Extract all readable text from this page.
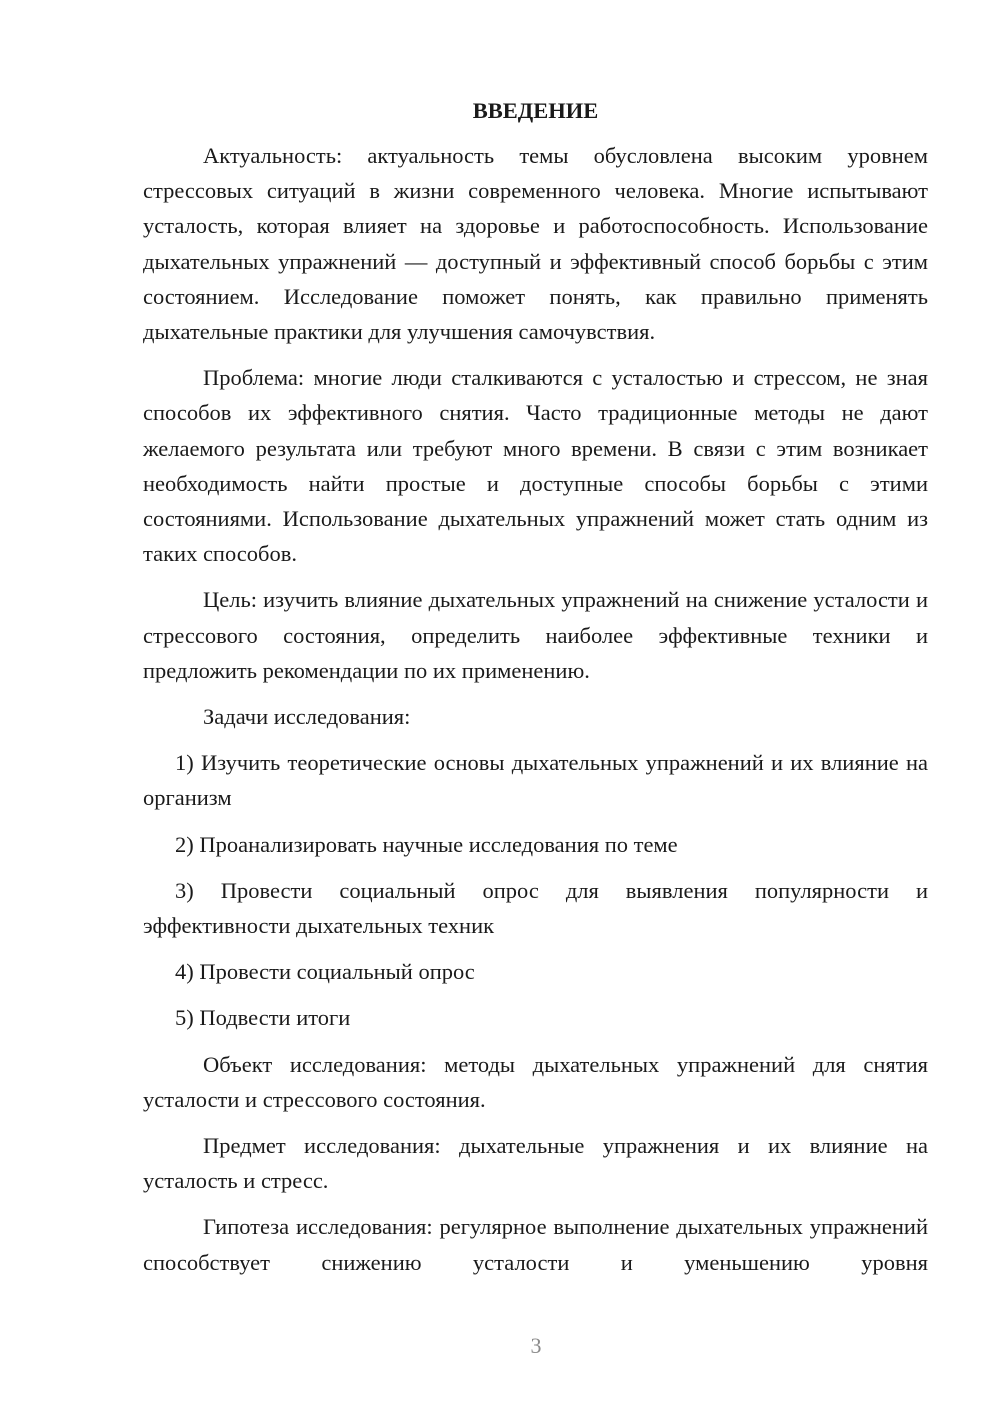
ВВЕДЕНИЕ

Актуальность: актуальность темы обусловлена высоким уровнем стрессовых ситуаций в жизни современного человека. Многие испытывают усталость, которая влияет на здоровье и работоспособность. Использование дыхательных упражнений — доступный и эффективный способ борьбы с этим состоянием. Исследование поможет понять, как правильно применять дыхательные практики для улучшения самочувствия.

Проблема: многие люди сталкиваются с усталостью и стрессом, не зная способов их эффективного снятия. Часто традиционные методы не дают желаемого результата или требуют много времени. В связи с этим возникает необходимость найти простые и доступные способы борьбы с этими состояниями. Использование дыхательных упражнений может стать одним из таких способов.

Цель: изучить влияние дыхательных упражнений на снижение усталости и стрессового состояния, определить наиболее эффективные техники и предложить рекомендации по их применению.

Задачи исследования:

1) Изучить теоретические основы дыхательных упражнений и их влияние на организм

2) Проанализировать научные исследования по теме

3) Провести социальный опрос для выявления популярности и эффективности дыхательных техник

4) Провести социальный опрос

5) Подвести итоги

Объект исследования: методы дыхательных упражнений для снятия усталости и стрессового состояния.

Предмет исследования: дыхательные упражнения и их влияние на усталость и стресс.

Гипотеза исследования: регулярное выполнение дыхательных упражнений способствует снижению усталости и уменьшению уровня

3
